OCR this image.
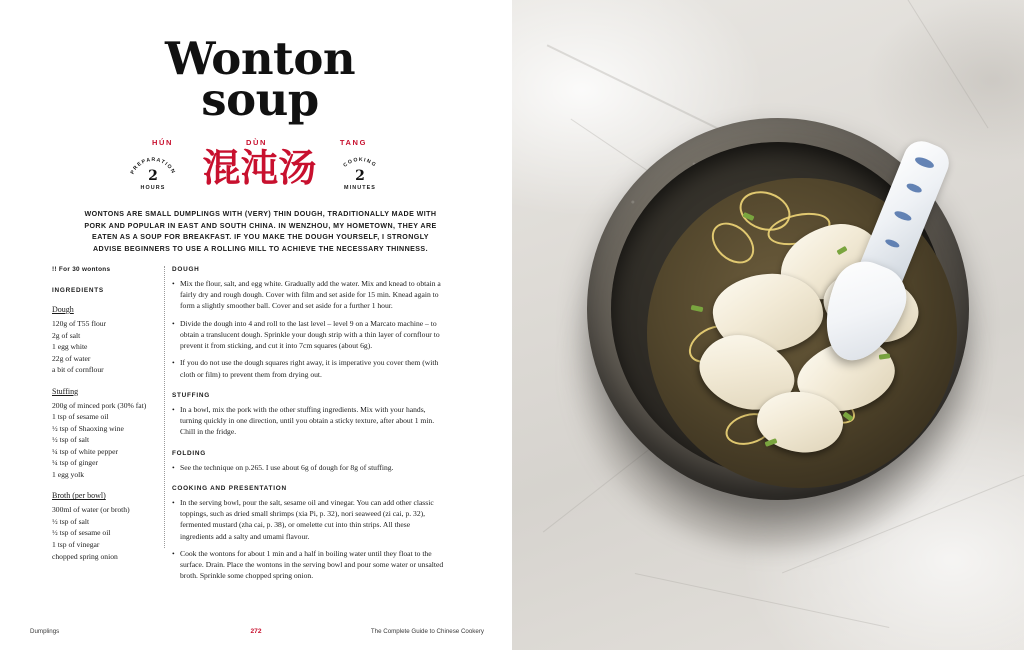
Wonton
soup
HÚN	DÙN	TANG
混沌汤
PREPARATION
2
HOURS
COOKING
2
MINUTES
WONTONS ARE SMALL DUMPLINGS WITH (VERY) THIN DOUGH, TRADITIONALLY MADE WITH PORK AND POPULAR IN EAST AND SOUTH CHINA. IN WENZHOU, MY HOMETOWN, THEY ARE EATEN AS A SOUP FOR BREAKFAST. IF YOU MAKE THE DOUGH YOURSELF, I STRONGLY ADVISE BEGINNERS TO USE A ROLLING MILL TO ACHIEVE THE NECESSARY THINNESS.
!! For 30 wontons
INGREDIENTS
Dough
120g of T55 flour
2g of salt
1 egg white
22g of water
a bit of cornflour
Stuffing
200g of minced pork (30% fat)
1 tsp of sesame oil
½ tsp of Shaoxing wine
½ tsp of salt
¼ tsp of white pepper
¼ tsp of ginger
1 egg yolk
Broth (per bowl)
300ml of water (or broth)
½ tsp of salt
½ tsp of sesame oil
1 tsp of vinegar
chopped spring onion
DOUGH
• Mix the flour, salt, and egg white. Gradually add the water. Mix and knead to obtain a fairly dry and rough dough. Cover with film and set aside for 15 min. Knead again to form a slightly smoother ball. Cover and set aside for a further 1 hour.
• Divide the dough into 4 and roll to the last level – level 9 on a Marcato machine – to obtain a translucent dough. Sprinkle your dough strip with a thin layer of cornflour to prevent it from sticking, and cut it into 7cm squares (about 6g).
• If you do not use the dough squares right away, it is imperative you cover them (with cloth or film) to prevent them from drying out.
STUFFING
• In a bowl, mix the pork with the other stuffing ingredients. Mix with your hands, turning quickly in one direction, until you obtain a sticky texture, after about 1 min. Chill in the fridge.
FOLDING
• See the technique on p.265. I use about 6g of dough for 8g of stuffing.
COOKING AND PRESENTATION
• In the serving bowl, pour the salt, sesame oil and vinegar. You can add other classic toppings, such as dried small shrimps (xia Pi, p. 32), nori seaweed (zi cai, p. 32), fermented mustard (zha cai, p. 38), or omelette cut into thin strips. All these ingredients add a salty and umami flavour.
• Cook the wontons for about 1 min and a half in boiling water until they float to the surface. Drain. Place the wontons in the serving bowl and pour some water or unsalted broth. Sprinkle some chopped spring onion.
Dumplings	272	The Complete Guide to Chinese Cookery
